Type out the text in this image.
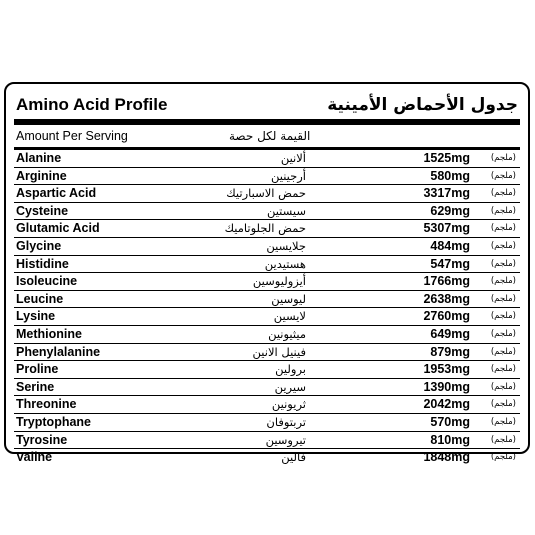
Amino Acid Profile	جدول الأحماض الأمينية
Amount Per Serving	القيمة لكل حصة
Alanine	ألانين	1525mg (ملجم)
Arginine	أرجينين	580mg (ملجم)
Aspartic Acid	حمض الاسبارتيك	3317mg (ملجم)
Cysteine	سيستين	629mg (ملجم)
Glutamic Acid	حمض الجلوتاميك	5307mg (ملجم)
Glycine	جلايسين	484mg (ملجم)
Histidine	هستيدين	547mg (ملجم)
Isoleucine	أيزوليوسين	1766mg (ملجم)
Leucine	ليوسين	2638mg (ملجم)
Lysine	لايسين	2760mg (ملجم)
Methionine	ميثيونين	649mg (ملجم)
Phenylalanine	فينيل الانين	879mg (ملجم)
Proline	برولين	1953mg (ملجم)
Serine	سيرين	1390mg (ملجم)
Threonine	ثريونين	2042mg (ملجم)
Tryptophane	تربتوفان	570mg (ملجم)
Tyrosine	تيروسين	810mg (ملجم)
Valine	فالين	1848mg (ملجم)
